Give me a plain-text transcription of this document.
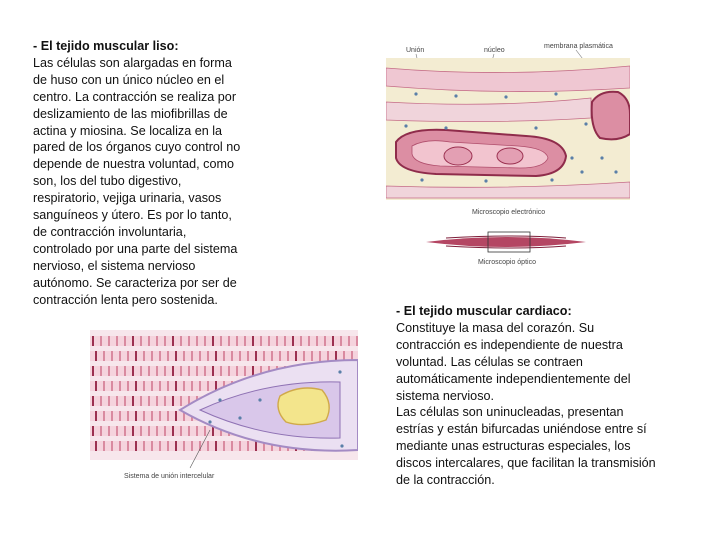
- El tejido muscular liso:
Las células son alargadas en forma
de huso con un único núcleo en el
centro. La contracción se realiza por
deslizamiento de las miofibrillas de
actina y miosina. Se localiza en la
pared de los órganos cuyo control no
depende de nuestra voluntad, como
son, los del tubo digestivo,
respiratorio, vejiga urinaria, vasos
sanguíneos y útero. Es por lo tanto,
de contracción involuntaria,
controlado por una parte del sistema
nervioso, el sistema nervioso
autónomo. Se caracteriza por ser de
contracción lenta pero sostenida.
Unión	núcleo
membrana plasmática
Microscopio electrónico
Microscopio óptico
- El tejido muscular cardiaco:
Constituye la masa del corazón. Su
contracción es independiente de nuestra
voluntad. Las células se contraen
automáticamente independientemente del
sistema nervioso.
Las células son uninucleadas, presentan
estrías y están bifurcadas uniéndose entre sí
mediante unas estructuras especiales, los
discos intercalares, que facilitan la transmisión
de la contracción.
Sistema de unión intercelular
